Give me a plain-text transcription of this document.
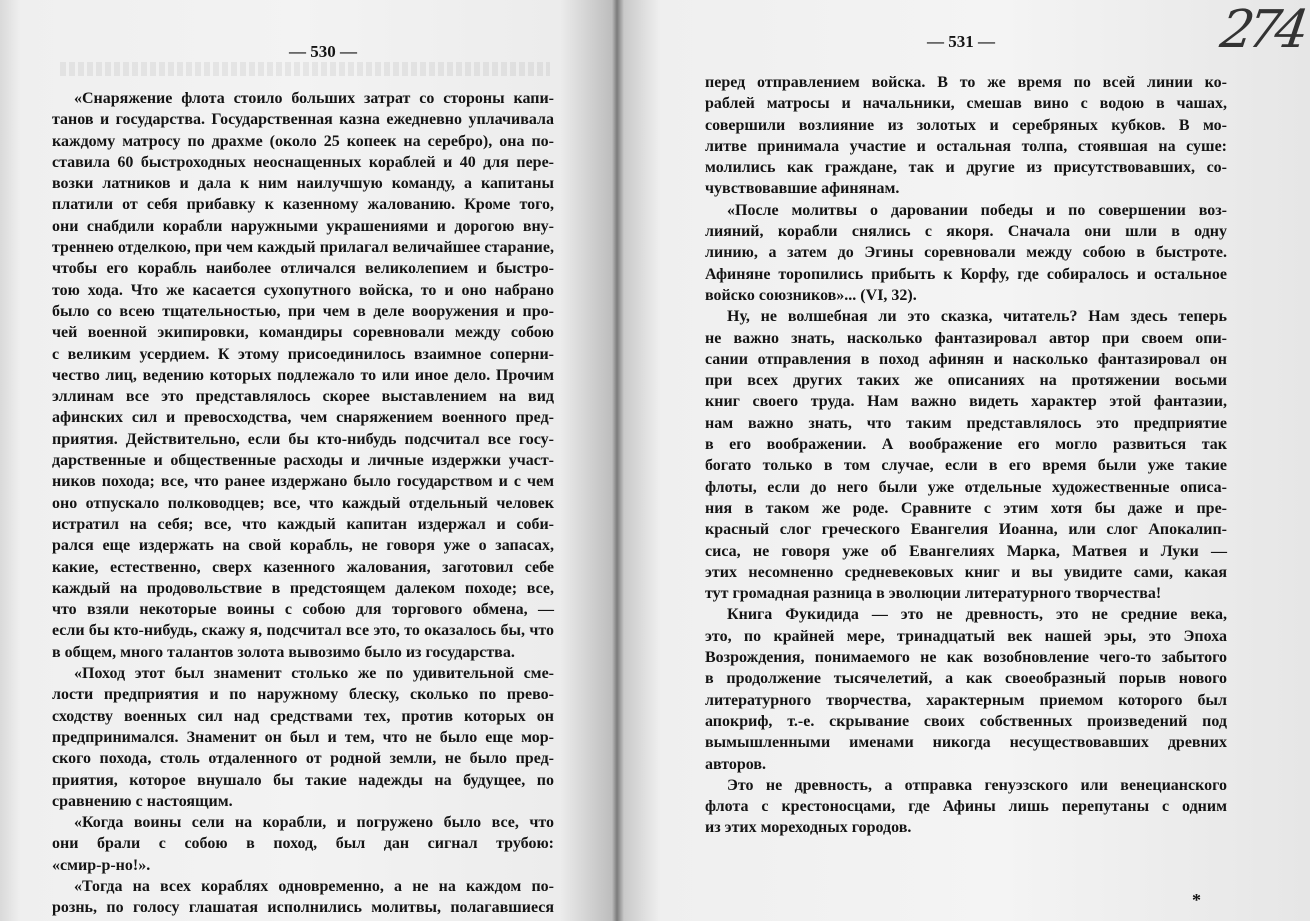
— 530 —
«Снаряжение флота стоило больших затрат со стороны капи-
танов и государства. Государственная казна ежедневно уплачивала
каждому матросу по драхме (около 25 копеек на серебро), она по-
ставила 60 быстроходных неоснащенных кораблей и 40 для пере-
возки латников и дала к ним наилучшую команду, а капитаны
платили от себя прибавку к казенному жалованию. Кроме того,
они снабдили корабли наружными украшениями и дорогою вну-
треннею отделкою, при чем каждый прилагал величайшее старание,
чтобы его корабль наиболее отличался великолепием и быстро-
тою хода. Что же касается сухопутного войска, то и оно набрано
было со всею тщательностью, при чем в деле вооружения и про-
чей военной экипировки, командиры соревновали между собою
с великим усердием. К этому присоединилось взаимное соперни-
чество лиц, ведению которых подлежало то или иное дело. Прочим
эллинам все это представлялось скорее выставлением на вид
афинских сил и превосходства, чем снаряжением военного пред-
приятия. Действительно, если бы кто-нибудь подсчитал все госу-
дарственные и общественные расходы и личные издержки участ-
ников похода; все, что ранее издержано было государством и с чем
оно отпускало полководцев; все, что каждый отдельный человек
истратил на себя; все, что каждый капитан издержал и соби-
рался еще издержать на свой корабль, не говоря уже о запасах,
какие, естественно, сверх казенного жалования, заготовил себе
каждый на продовольствие в предстоящем далеком походе; все,
что взяли некоторые воины с собою для торгового обмена, —
если бы кто-нибудь, скажу я, подсчитал все это, то оказалось бы, что
в общем, много талантов золота вывозимо было из государства.
«Поход этот был знаменит столько же по удивительной сме-
лости предприятия и по наружному блеску, сколько по прево-
сходству военных сил над средствами тех, против которых он
предпринимался. Знаменит он был и тем, что не было еще мор-
ского похода, столь отдаленного от родной земли, не было пред-
приятия, которое внушало бы такие надежды на будущее, по
сравнению с настоящим.
«Когда воины сели на корабли, и погружено было все, что
они брали с собою в поход, был дан сигнал трубою:
«смир-р-но!».
«Тогда на всех кораблях одновременно, а не на каждом по-
рознь, по голосу глашатая исполнились молитвы, полагавшиеся
— 531 —
перед отправлением войска. В то же время по всей линии ко-
раблей матросы и начальники, смешав вино с водою в чашах,
совершили возлияние из золотых и серебряных кубков. В мо-
литве принимала участие и остальная толпа, стоявшая на суше:
молились как граждане, так и другие из присутствовавших, со-
чувствовавшие афинянам.
«После молитвы о даровании победы и по совершении воз-
лияний, корабли снялись с якоря. Сначала они шли в одну
линию, а затем до Эгины соревновали между собою в быстроте.
Афиняне торопились прибыть к Корфу, где собиралось и остальное
войско союзников»... (VI, 32).
Ну, не волшебная ли это сказка, читатель? Нам здесь теперь
не важно знать, насколько фантазировал автор при своем опи-
сании отправления в поход афинян и насколько фантазировал он
при всех других таких же описаниях на протяжении восьми
книг своего труда. Нам важно видеть характер этой фантазии,
нам важно знать, что таким представлялось это предприятие
в его воображении. А воображение его могло развиться так
богато только в том случае, если в его время были уже такие
флоты, если до него были уже отдельные художественные описа-
ния в таком же роде. Сравните с этим хотя бы даже и пре-
красный слог греческого Евангелия Иоанна, или слог Апокалип-
сиса, не говоря уже об Евангелиях Марка, Матвея и Луки —
этих несомненно средневековых книг и вы увидите сами, какая
тут громадная разница в эволюции литературного творчества!
Книга Фукидида — это не древность, это не средние века,
это, по крайней мере, тринадцатый век нашей эры, это Эпоха
Возрождения, понимаемого не как возобновление чего-то забытого
в продолжение тысячелетий, а как своеобразный порыв нового
литературного творчества, характерным приемом которого был
апокриф, т.-е. скрывание своих собственных произведений под
вымышленными именами никогда несуществовавших древних
авторов.
Это не древность, а отправка генуэзского или венецианского
флота с крестоносцами, где Афины лишь перепутаны с одним
из этих мореходных городов.
274
*
